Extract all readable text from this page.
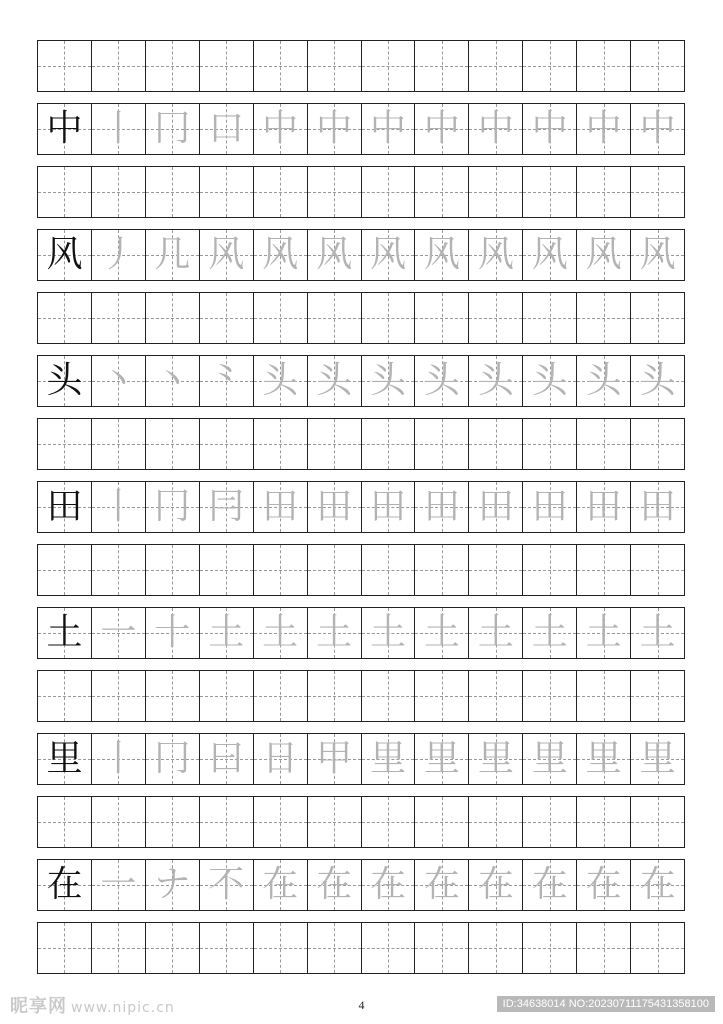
中 丨 冂 口 中 中 中 中 中 中 中 中
风 丿 几 风 风 风 风 风 风 风 风 风
头 丶 丶 ⺀ 头 头 头 头 头 头 头 头
田 丨 冂 冃 田 田 田 田 田 田 田 田
土 一 十 土 土 土 土 土 土 土 土 土
里 丨 冂 曰 日 甲 里 里 里 里 里 里
在 一 ナ 不 在 在 在 在 在 在 在 在
昵享网 www.nipic.cn	4	ID:34638014 NO:20230711175431358100
